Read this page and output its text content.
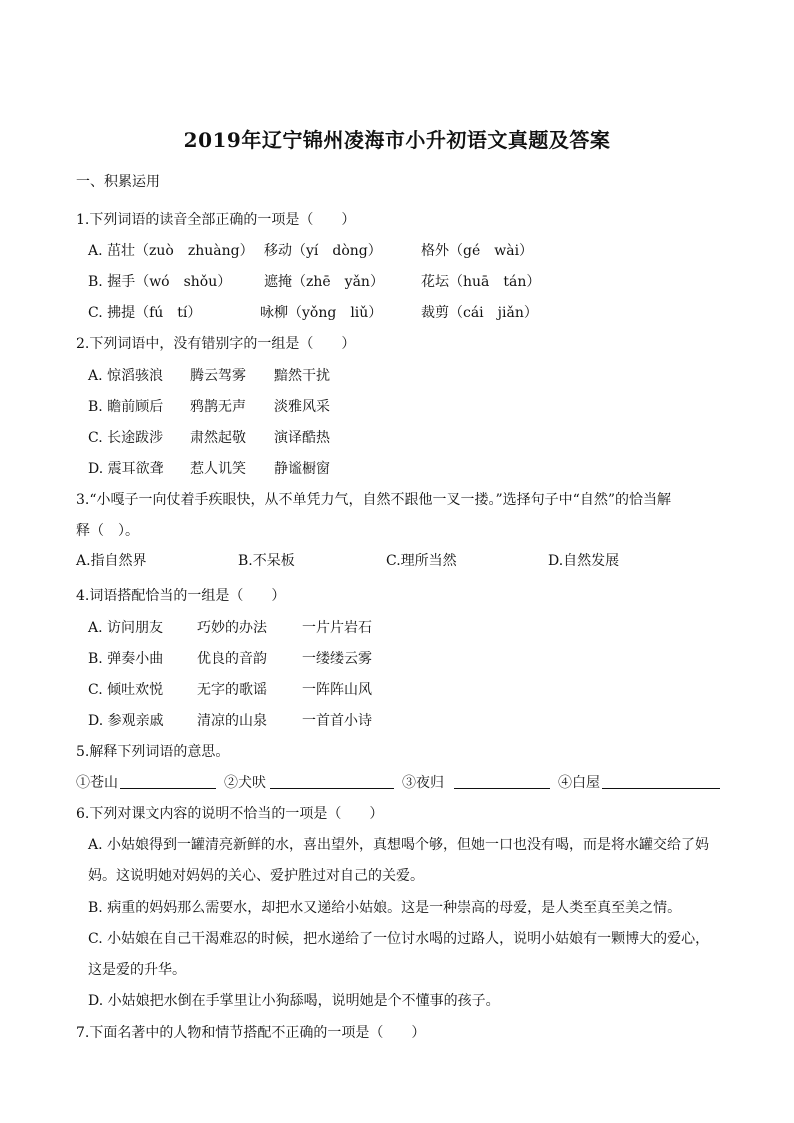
2019年辽宁锦州凌海市小升初语文真题及答案
一、积累运用
1.下列词语的读音全部正确的一项是（　　）
A. 茁壮（zuò　zhuàng） 移动（yí　dòng）	格外（gé　wài）
B. 握手（wó　shǒu） 遮掩（zhē　yǎn）	花坛（huā　tán）
C. 拂提（fú　tí）	咏柳（yǒng　liǔ）	裁剪（cái　jiǎn）
2.下列词语中，没有错别字的一组是（　　）
A. 惊滔骇浪 腾云驾雾 黯然干扰
B. 瞻前顾后 鸦鹊无声 淡雅风采
C. 长途跋涉 肃然起敬 演译酷热
D. 震耳欲聋 惹人讥笑 静谧橱窗
3.“小嘎子一向仗着手疾眼快，从不单凭力气，自然不跟他一叉一搂。”选择句子中“自然”的恰当解
释（　）。
A.指自然界	B.不呆板	C.理所当然	D.自然发展
4.词语搭配恰当的一组是（　　）
A. 访问朋友 巧妙的办法	一片片岩石
B. 弹奏小曲 优良的音韵	一缕缕云雾
C. 倾吐欢悦 无字的歌谣	一阵阵山风
D. 参观亲戚 清凉的山泉	一首首小诗
5.解释下列词语的意思。
①苍山	②犬吠	③夜归	④白屋
6.下列对课文内容的说明不恰当的一项是（　　）
A. 小姑娘得到一罐清亮新鲜的水，喜出望外，真想喝个够，但她一口也没有喝，而是将水罐交给了妈
妈。这说明她对妈妈的关心、爱护胜过对自己的关爱。
B. 病重的妈妈那么需要水，却把水又递给小姑娘。这是一种崇高的母爱，是人类至真至美之情。
C. 小姑娘在自己干渴难忍的时候，把水递给了一位讨水喝的过路人，说明小姑娘有一颗博大的爱心，
这是爱的升华。
D. 小姑娘把水倒在手掌里让小狗舔喝，说明她是个不懂事的孩子。
7.下面名著中的人物和情节搭配不正确的一项是（　　）
